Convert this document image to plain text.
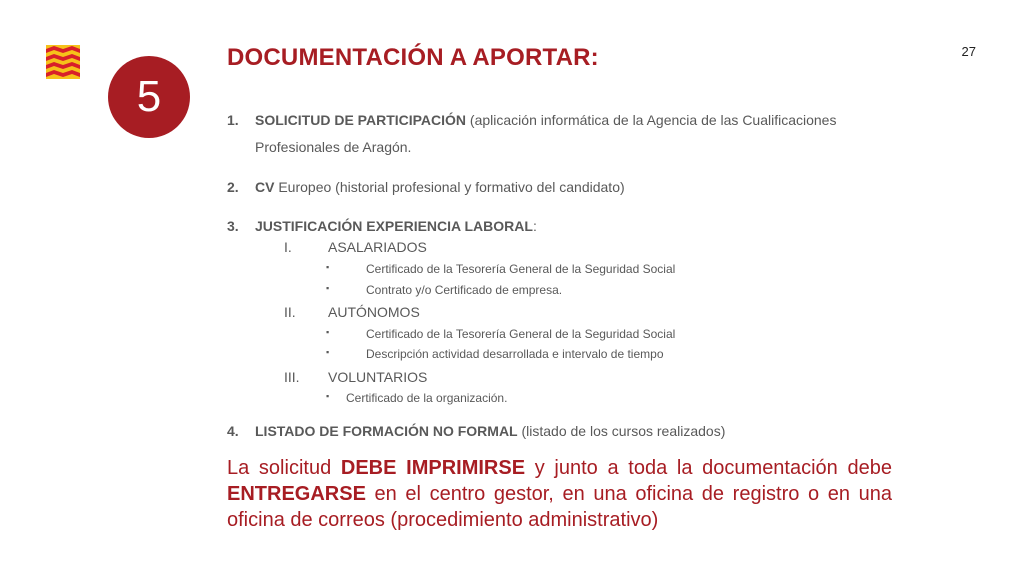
5
27
DOCUMENTACIÓN A APORTAR:
1. SOLICITUD DE PARTICIPACIÓN (aplicación informática de la Agencia de las Cualificaciones
Profesionales de Aragón.
2. CV Europeo (historial profesional y formativo del candidato)
3. JUSTIFICACIÓN EXPERIENCIA LABORAL:
I.	ASALARIADOS
▪	Certificado de la Tesorería General de la Seguridad Social
▪	Contrato y/o Certificado de empresa.
II. AUTÓNOMOS
▪	Certificado de la Tesorería General de la Seguridad Social
▪	Descripción actividad desarrollada e intervalo de tiempo
III. VOLUNTARIOS
▪ Certificado de la organización.
4. LISTADO DE FORMACIÓN NO FORMAL (listado de los cursos realizados)

La solicitud DEBE IMPRIMIRSE y junto a toda la documentación debe ENTREGARSE en el centro gestor, en una oficina de registro o en una oficina de correos (procedimiento administrativo)
